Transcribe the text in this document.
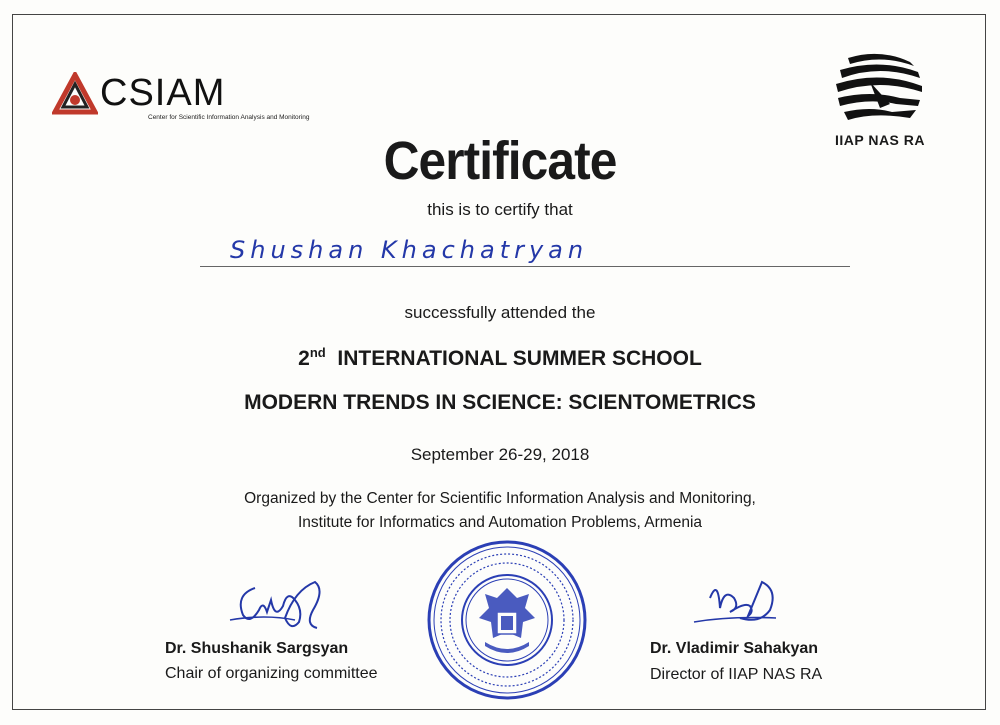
CSIAM
Center for Scientific Information Analysis and Monitoring
IIAP NAS RA
Certificate
this is to certify that
Shushan Khachatryan
successfully attended the
2nd INTERNATIONAL SUMMER SCHOOL
MODERN TRENDS IN SCIENCE: SCIENTOMETRICS
September 26-29, 2018
Organized by the Center for Scientific Information Analysis and Monitoring,
Institute for Informatics and Automation Problems, Armenia
Dr. Shushanik Sargsyan
Chair of organizing committee
Dr. Vladimir Sahakyan
Director of IIAP NAS RA
